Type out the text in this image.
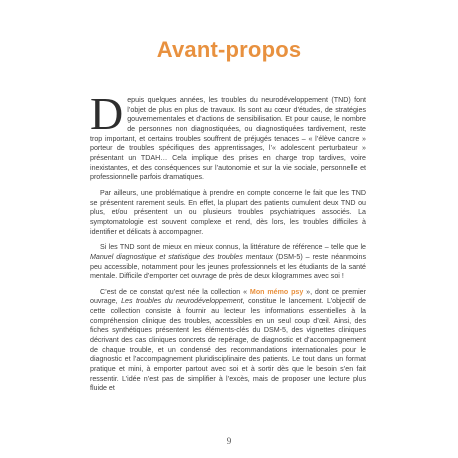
Avant-propos

Depuis quelques années, les troubles du neurodéveloppement (TND) font l’objet de plus en plus de travaux. Ils sont au cœur d’études, de stratégies gouvernementales et d’actions de sensibilisation. Et pour cause, le nombre de personnes non diagnostiquées, ou diagnostiquées tardivement, reste trop important, et certains troubles souffrent de préjugés tenaces – « l’élève cancre » porteur de troubles spécifiques des apprentissages, l’« adolescent perturbateur » présentant un TDAH… Cela implique des prises en charge trop tardives, voire inexistantes, et des conséquences sur l’autonomie et sur la vie sociale, personnelle et professionnelle parfois dramatiques.

Par ailleurs, une problématique à prendre en compte concerne le fait que les TND se présentent rarement seuls. En effet, la plupart des patients cumulent deux TND ou plus, et/ou présentent un ou plusieurs troubles psychiatriques associés. La symptomatologie est souvent complexe et rend, dès lors, les troubles difficiles à identifier et délicats à accompagner.

Si les TND sont de mieux en mieux connus, la littérature de référence – telle que le Manuel diagnostique et statistique des troubles mentaux (DSM-5) – reste néanmoins peu accessible, notamment pour les jeunes professionnels et les étudiants de la santé mentale. Difficile d’emporter cet ouvrage de près de deux kilogrammes avec soi !

C’est de ce constat qu’est née la collection « Mon mémo psy », dont ce premier ouvrage, Les troubles du neurodéveloppement, constitue le lancement. L’objectif de cette collection consiste à fournir au lecteur les informations essentielles à la compréhension clinique des troubles, accessibles en un seul coup d’œil. Ainsi, des fiches synthétiques présentent les éléments-clés du DSM-5, des vignettes cliniques décrivant des cas cliniques concrets de repérage, de diagnostic et d’accompagnement de chaque trouble, et un condensé des recommandations internationales pour le diagnostic et l’accompagnement pluridisciplinaire des patients. Le tout dans un format pratique et mini, à emporter partout avec soi et à sortir dès que le besoin s’en fait ressentir. L’idée n’est pas de simplifier à l’excès, mais de proposer une lecture plus fluide et

9
